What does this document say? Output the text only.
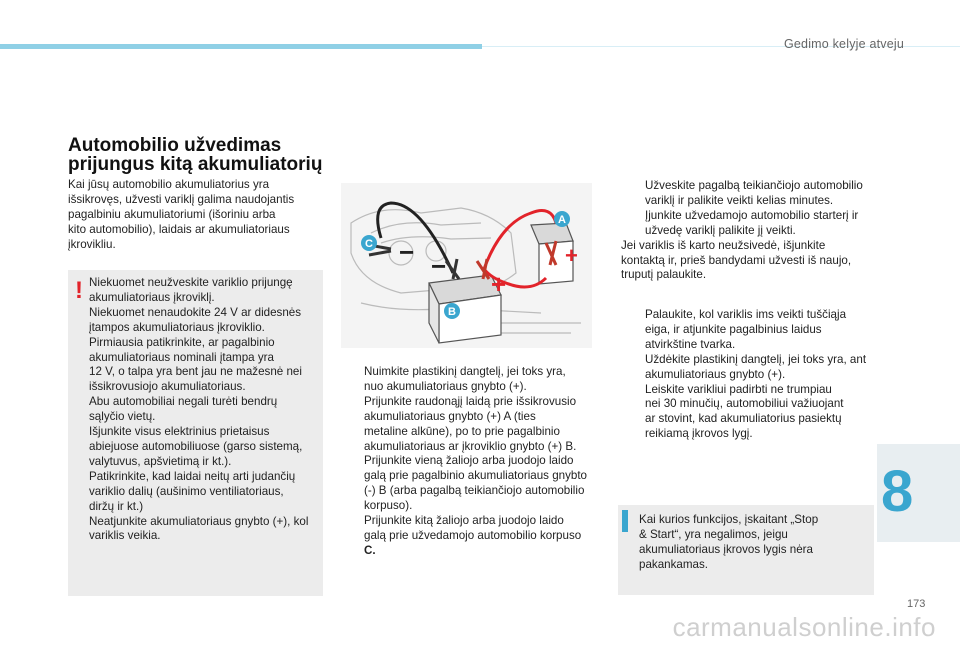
Gedimo kelyje atveju
Automobilio užvedimas
prijungus kitą akumuliatorių
Kai jūsų automobilio akumuliatorius yra
išsikrovęs, užvesti variklį galima naudojantis
pagalbiniu akumuliatoriumi (išoriniu arba
kito automobilio), laidais ar akumuliatoriaus
įkrovikliu.
! Niekuomet neužveskite variklio prijungę
akumuliatoriaus įkroviklį.
Niekuomet nenaudokite 24 V ar didesnės
įtampos akumuliatoriaus įkroviklio.
Pirmiausia patikrinkite, ar pagalbinio
akumuliatoriaus nominali įtampa yra
12 V, o talpa yra bent jau ne mažesnė nei
išsikrovusiojo akumuliatoriaus.
Abu automobiliai negali turėti bendrų
sąlyčio vietų.
Išjunkite visus elektrinius prietaisus
abiejuose automobiliuose (garso sistemą,
valytuvus, apšvietimą ir kt.).
Patikrinkite, kad laidai neitų arti judančių
variklio dalių (aušinimo ventiliatoriaus,
diržų ir kt.)
Neatjunkite akumuliatoriaus gnybto (+), kol
variklis veikia.
− −
+
+
A
B
C
Nuimkite plastikinį dangtelį, jei toks yra,
nuo akumuliatoriaus gnybto (+).
Prijunkite raudonąjį laidą prie išsikrovusio
akumuliatoriaus gnybto (+) A (ties
metaline alkūne), po to prie pagalbinio
akumuliatoriaus ar įkroviklio gnybto (+) B.
Prijunkite vieną žaliojo arba juodojo laido
galą prie pagalbinio akumuliatoriaus gnybto
(-) B (arba pagalbą teikiančiojo automobilio
korpuso).
Prijunkite kitą žaliojo arba juodojo laido
galą prie užvedamojo automobilio korpuso
C.
Užveskite pagalbą teikiančiojo automobilio
variklį ir palikite veikti kelias minutes.
Įjunkite užvedamojo automobilio starterį ir
užvedę variklį palikite jį veikti.
Jei variklis iš karto neužsivedė, išjunkite
kontaktą ir, prieš bandydami užvesti iš naujo,
truputį palaukite.
Palaukite, kol variklis ims veikti tuščiąja
eiga, ir atjunkite pagalbinius laidus
atvirkštine tvarka.
Uždėkite plastikinį dangtelį, jei toks yra, ant
akumuliatoriaus gnybto (+).
Leiskite varikliui padirbti ne trumpiau
nei 30 minučių, automobiliui važiuojant
ar stovint, kad akumuliatorius pasiektų
reikiamą įkrovos lygį.
Kai kurios funkcijos, įskaitant „Stop
& Start“, yra negalimos, jeigu
akumuliatoriaus įkrovos lygis nėra
pakankamas.
8
173
carmanualsonline.info
